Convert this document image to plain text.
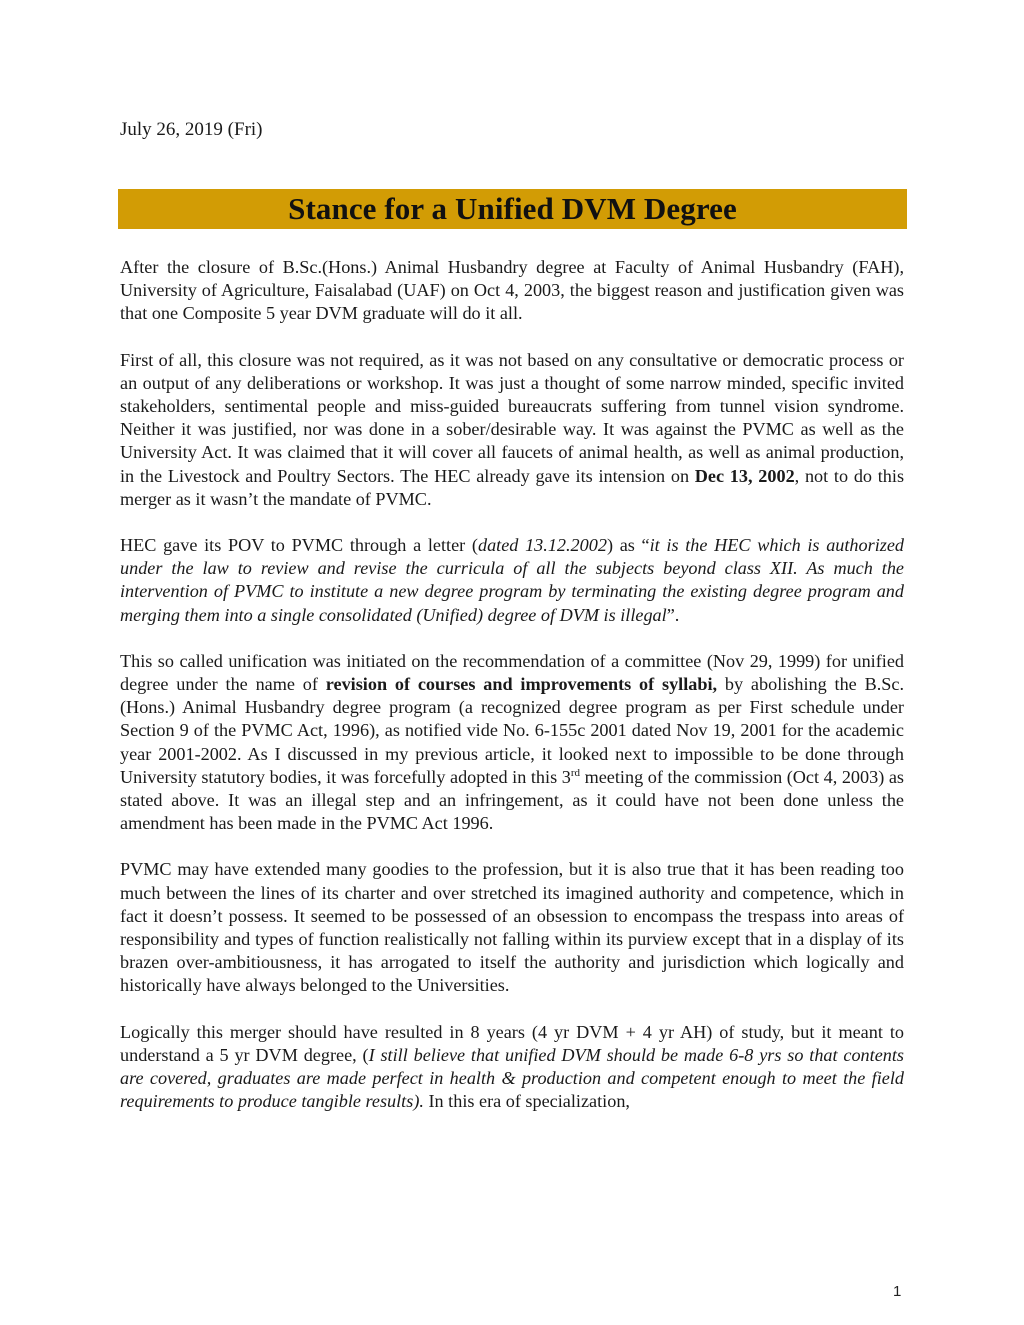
July 26, 2019 (Fri)
Stance for a Unified DVM Degree

After the closure of B.Sc.(Hons.) Animal Husbandry degree at Faculty of Animal Husbandry (FAH), University of Agriculture, Faisalabad (UAF) on Oct 4, 2003, the biggest reason and justification given was that one Composite 5 year DVM graduate will do it all.

First of all, this closure was not required, as it was not based on any consultative or democratic process or an output of any deliberations or workshop. It was just a thought of some narrow minded, specific invited stakeholders, sentimental people and miss-guided bureaucrats suffering from tunnel vision syndrome. Neither it was justified, nor was done in a sober/desirable way. It was against the PVMC as well as the University Act. It was claimed that it will cover all faucets of animal health, as well as animal production, in the Livestock and Poultry Sectors. The HEC already gave its intension on Dec 13, 2002, not to do this merger as it wasn’t the mandate of PVMC.

HEC gave its POV to PVMC through a letter (dated 13.12.2002) as “it is the HEC which is authorized under the law to review and revise the curricula of all the subjects beyond class XII. As much the intervention of PVMC to institute a new degree program by terminating the existing degree program and merging them into a single consolidated (Unified) degree of DVM is illegal”.

This so called unification was initiated on the recommendation of a committee (Nov 29, 1999) for unified degree under the name of revision of courses and improvements of syllabi, by abolishing the B.Sc.(Hons.) Animal Husbandry degree program (a recognized degree program as per First schedule under Section 9 of the PVMC Act, 1996), as notified vide No. 6-155c 2001 dated Nov 19, 2001 for the academic year 2001-2002. As I discussed in my previous article, it looked next to impossible to be done through University statutory bodies, it was forcefully adopted in this 3rd meeting of the commission (Oct 4, 2003) as stated above. It was an illegal step and an infringement, as it could have not been done unless the amendment has been made in the PVMC Act 1996.

PVMC may have extended many goodies to the profession, but it is also true that it has been reading too much between the lines of its charter and over stretched its imagined authority and competence, which in fact it doesn’t possess. It seemed to be possessed of an obsession to encompass the trespass into areas of responsibility and types of function realistically not falling within its purview except that in a display of its brazen over-ambitiousness, it has arrogated to itself the authority and jurisdiction which logically and historically have always belonged to the Universities.

Logically this merger should have resulted in 8 years (4 yr DVM + 4 yr AH) of study, but it meant to understand a 5 yr DVM degree, (I still believe that unified DVM should be made 6-8 yrs so that contents are covered, graduates are made perfect in health & production and competent enough to meet the field requirements to produce tangible results). In this era of specialization,

1
